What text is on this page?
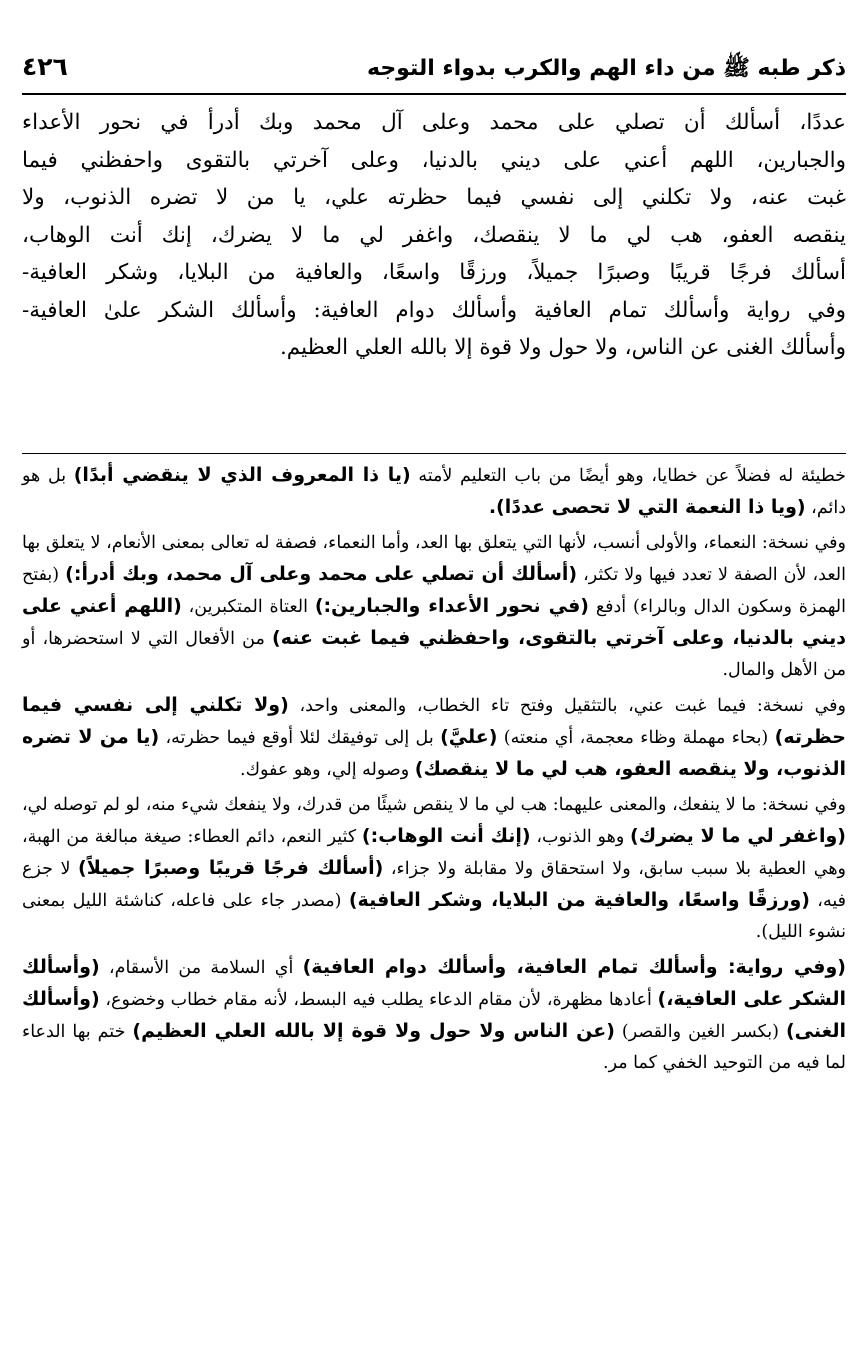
ذكر طبه ﷺ من داء الهم والكرب بدواء التوجه
٤٢٦

عددًا، أسألك أن تصلي على محمد وعلى آل محمد وبك أدرأ في نحور الأعداء
والجبارين، اللهم أعني على ديني بالدنيا، وعلى آخرتي بالتقوى واحفظني فيما
غبت عنه، ولا تكلني إلى نفسي فيما حظرته علي، يا من لا تضره الذنوب، ولا
ينقصه العفو، هب لي ما لا ينقصك، واغفر لي ما لا يضرك، إنك أنت الوهاب،
أسألك فرجًا قريبًا وصبرًا جميلاً، ورزقًا واسعًا، والعافية من البلايا، وشكر العافية-
وفي رواية وأسألك تمام العافية وأسألك دوام العافية: وأسألك الشكر علىٰ العافية-
وأسألك الغنى عن الناس، ولا حول ولا قوة إلا بالله العلي العظيم.

خطيئة له فضلاً عن خطايا، وهو أيضًا من باب التعليم لأمته (يا ذا المعروف الذي لا ينقضي أبدًا) بل هو دائم، (ويا ذا النعمة التي لا تحصى عددًا).

وفي نسخة: النعماء، والأولى أنسب، لأنها التي يتعلق بها العد، وأما النعماء، فصفة له تعالى بمعنى الأنعام، لا يتعلق بها العد، لأن الصفة لا تعدد فيها ولا تكثر، (أسألك أن تصلي على محمد وعلى آل محمد، وبك أدرأ:) (بفتح الهمزة وسكون الدال وبالراء) أدفع (في نحور الأعداء والجبارين:) العتاة المتكبرين، (اللهم أعني على ديني بالدنيا، وعلى آخرتي بالتقوى، واحفظني فيما غبت عنه) من الأفعال التي لا استحضرها، أو من الأهل والمال.

وفي نسخة: فيما غبت عني، بالتثقيل وفتح تاء الخطاب، والمعنى واحد، (ولا تكلني إلى نفسي فيما حظرته) (بحاء مهملة وظاء معجمة، أي منعته) (عليَّ) بل إلى توفيقك لئلا أوقع فيما حظرته، (يا من لا تضره الذنوب، ولا ينقصه العفو، هب لي ما لا ينقصك) وصوله إلي، وهو عفوك.

وفي نسخة: ما لا ينفعك، والمعنى عليهما: هب لي ما لا ينقص شيئًا من قدرك، ولا ينفعك شيء منه، لو لم توصله لي، (واغفر لي ما لا يضرك) وهو الذنوب، (إنك أنت الوهاب:) كثير النعم، دائم العطاء: صيغة مبالغة من الهبة، وهي العطية بلا سبب سابق، ولا استحقاق ولا مقابلة ولا جزاء، (أسألك فرجًا قريبًا وصبرًا جميلاً) لا جزع فيه، (ورزقًا واسعًا، والعافية من البلايا، وشكر العافية) (مصدر جاء على فاعله، كناشئة الليل بمعنى نشوء الليل).

(وفي رواية: وأسألك تمام العافية، وأسألك دوام العافية) أي السلامة من الأسقام، (وأسألك الشكر على العافية،) أعادها مظهرة، لأن مقام الدعاء يطلب فيه البسط، لأنه مقام خطاب وخضوع، (وأسألك الغنى) (بكسر الغين والقصر) (عن الناس ولا حول ولا قوة إلا بالله العلي العظيم) ختم بها الدعاء لما فيه من التوحيد الخفي كما مر.
